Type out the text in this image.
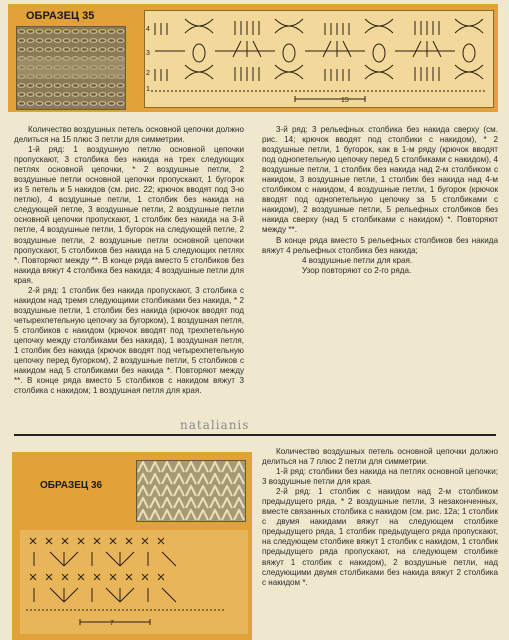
ОБРАЗЕЦ 35
4
3
2
1
15

Количество воздушных петель основной цепочки должно делиться на 15 плюс 3 петли для симметрии.

1-й ряд: 1 воздушную петлю основной цепочки пропускают, 3 столбика без накида на трех следующих петлях основной цепочки, * 2 воздушные петли, 2 воздушные петли основной цепочки пропускают, 1 бугорок из 5 петель и 5 накидов (см. рис. 22; крючок вводят под 3-ю петлю), 4 воздушные петли, 1 столбик без накида на следующей петле, 3 воздушные петли, 2 воздушные петли основной цепочки пропускают, 1 столбик без накида на 3-й петле, 4 воздушные петли, 1 бугорок на следующей петле, 2 воздушные петли, 2 воздушные петли основной цепочки пропускают, 5 столбиков без накида на 5 следующих петлях *. Повторяют между **. В конце ряда вместо 5 столбиков без накида вяжут 4 столбика без накида; 4 воздушные петли для края.

2-й ряд: 1 столбик без накида пропускают, 3 столбика с накидом над тремя следующими столбиками без накида, * 2 воздушные петли, 1 столбик без накида (крючок вводят под четырехпетельную цепочку за бугорком), 1 воздушная петля, 5 столбиков с накидом (крючок вводят под трехпетельную цепочку между столбиками без накида), 1 воздушная петля, 1 столбик без накида (крючок вводят под четырехпетельную цепочку перед бугорком), 2 воздушные петли, 5 столбиков с накидом над 5 столбиками без накида *. Повторяют между **. В конце ряда вместо 5 столбиков с накидом вяжут 3 столбика с накидом; 1 воздушная петля для края.

3-й ряд: 3 рельефных столбика без накида сверху (см. рис. 14; крючок вводят под столбики с накидом), * 2 воздушные петли, 1 бугорок, как в 1-м ряду (крючок вводят под однопетельную цепочку перед 5 столбиками с накидом), 4 воздушные петли, 1 столбик без накида над 2-м столбиком с накидом, 3 воздушные петли, 1 столбик без накида над 4-м столбиком с накидом, 4 воздушные петли, 1 бугорок (крючок вводят под однопетельную цепочку за 5 столбиками с накидом), 2 воздушные петли, 5 рельефных столбиков без накида сверху (над 5 столбиками с накидом) *. Повторяют между **.

В конце ряда вместо 5 рельефных столбиков без накида вяжут 4 рельефных столбика без накида;

4 воздушные петли для края.

Узор повторяют со 2-го ряда.

natalianis
ОБРАЗЕЦ 36
7

Количество воздушных петель основной цепочки должно делиться на 7 плюс 2 петли для симметрии.

1-й ряд: столбики без накида на петлях основной цепочки; 3 воздушные петли для края.

2-й ряд: 1 столбик с накидом над 2-м столбиком предыдущего ряда, * 2 воздушные петли, 3 незаконченных, вместе связанных столбика с накидом (см. рис. 12а; 1 столбик с двумя накидами вяжут на следующем столбике предыдущего ряда, 1 столбик предыдущего ряда пропускают, на следующем столбике вяжут 1 столбик с накидом, 1 столбик предыдущего ряда пропускают, на следующем столбике вяжут 1 столбик с накидом), 2 воздушные петли, над следующими двумя столбиками без накида вяжут 2 столбика с накидом *.
